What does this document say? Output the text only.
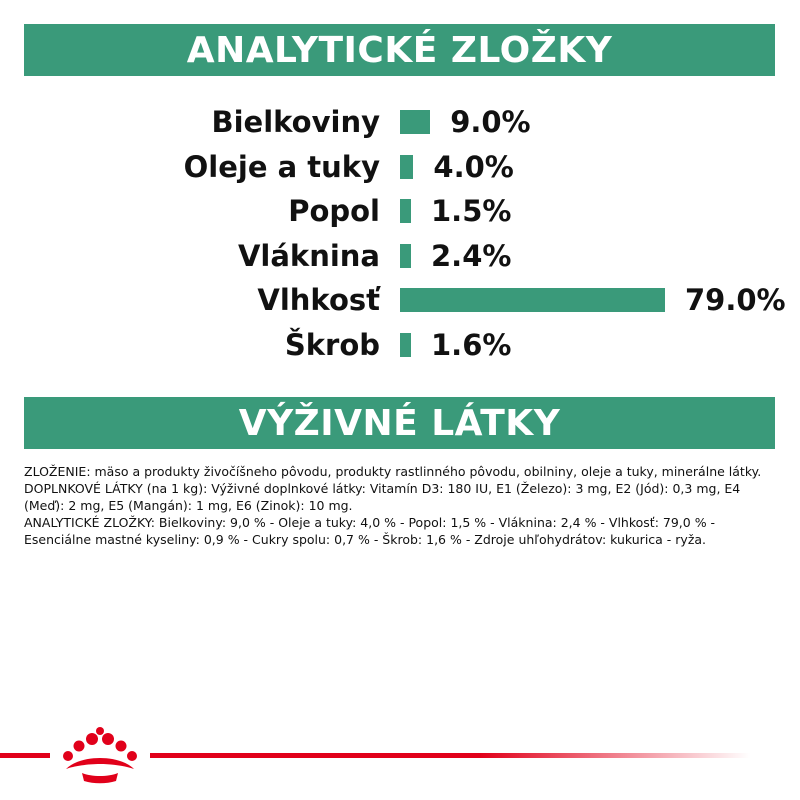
ANALYTICKÉ ZLOŽKY
Bielkoviny 9.0%
Oleje a tuky 4.0%
Popol 1.5%
Vláknina 2.4%
Vlhkosť	79.0%
Škrob 1.6%
VÝŽIVNÉ LÁTKY

ZLOŽENIE: mäso a produkty živočíšneho pôvodu, produkty rastlinného pôvodu, obilniny, oleje a tuky, minerálne látky.

DOPLNKOVÉ LÁTKY (na 1 kg): Výživné doplnkové látky: Vitamín D3: 180 IU, E1 (Železo): 3 mg, E2 (Jód): 0,3 mg, E4 (Meď): 2 mg, E5 (Mangán): 1 mg, E6 (Zinok): 10 mg.

ANALYTICKÉ ZLOŽKY: Bielkoviny: 9,0 % - Oleje a tuky: 4,0 % - Popol: 1,5 % - Vláknina: 2,4 % - Vlhkosť: 79,0 % - Esenciálne mastné kyseliny: 0,9 % - Cukry spolu: 0,7 % - Škrob: 1,6 % - Zdroje uhľohydrátov: kukurica - ryža.
